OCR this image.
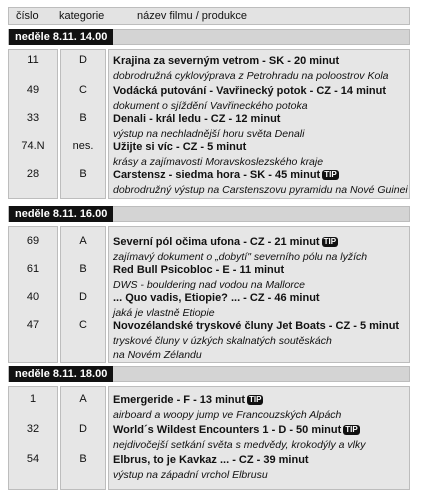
číslo kategorie	název filmu / produkce
neděle 8.11. 14.00
11	D	Krajina za severným vetrom - SK - 20 minut
dobrodružná cyklovýprava z Petrohradu na poloostrov Kola
49	C	Vodácká putování - Vavřinecký potok - CZ - 14 minut
dokument o sjíždění Vavřineckého potoka
33	B	Denali - král ledu - CZ - 12 minut
výstup na nechladnější horu světa Denali
74.N	nes.	Užijte si víc - CZ - 5 minut
krásy a zajímavosti Moravskoslezského kraje
28	B	Carstensz - siedma hora - SK - 45 minut TIP
dobrodružný výstup na Carstenszovu pyramidu na Nové Guinei
neděle 8.11. 16.00
69	A	Severní pól očima ufona - CZ - 21 minut TIP
zajímavý dokument o „dobytí" severního pólu na lyžích
61	B	Red Bull Psicobloc - E - 11 minut
DWS - bouldering nad vodou na Mallorce
40	D	... Quo vadis, Etiopie? ... - CZ - 46 minut
jaká je vlastně Etiopie
47	C	Novozélandské tryskové čluny Jet Boats - CZ - 5 minut
tryskové čluny v úzkých skalnatých soutěskách
na Novém Zélandu
neděle 8.11. 18.00
1	A	Emergeride - F - 13 minut TIP
airboard a woopy jump ve Francouzských Alpách
32	D	World´s Wildest Encounters 1 - D - 50 minut TIP
nejdivočejší setkání světa s medvědy, krokodýly a vlky
54	B	Elbrus, to je Kavkaz ... - CZ - 39 minut
výstup na západní vrchol Elbrusu
